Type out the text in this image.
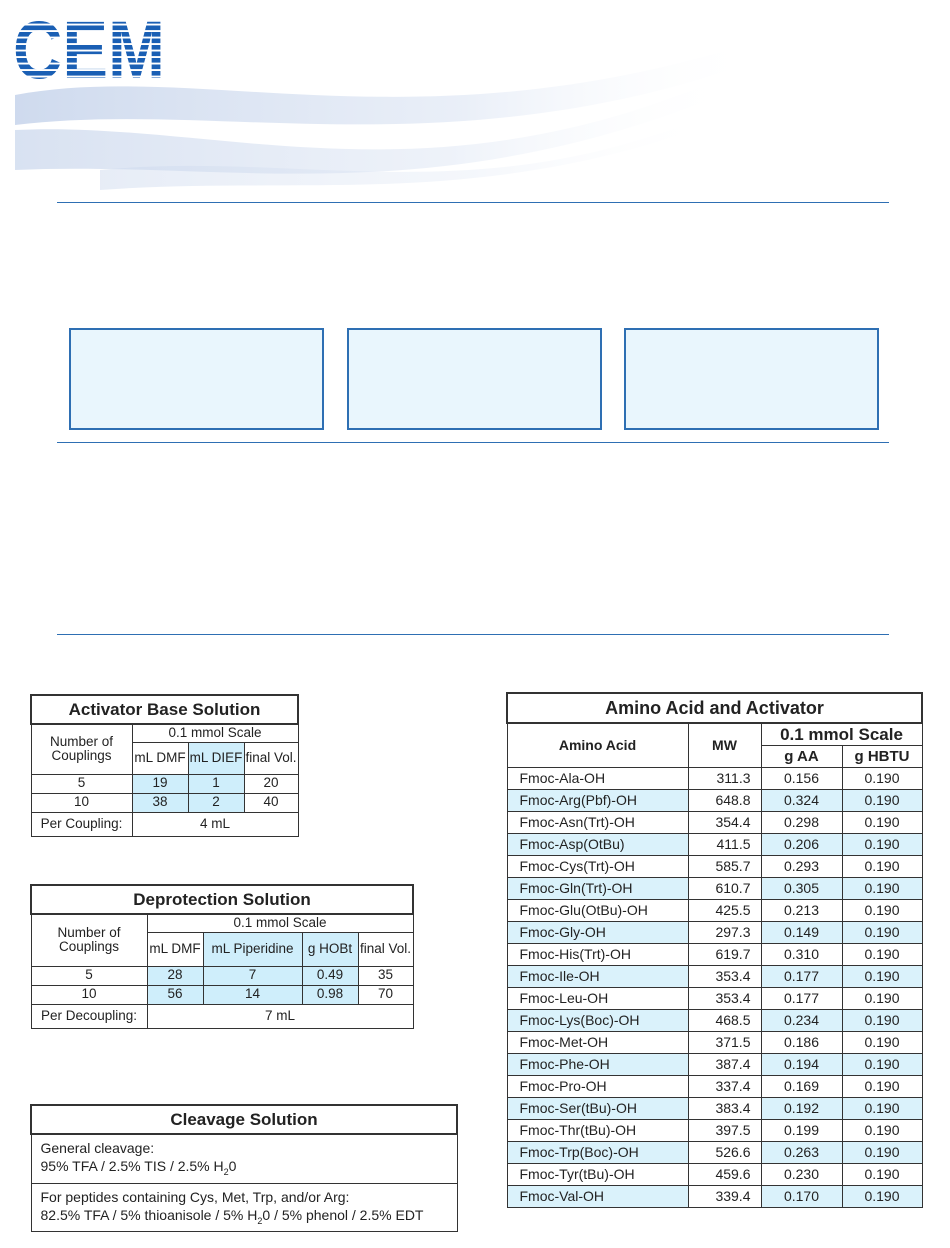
CEM
Activator Base Solution			
Number of Couplings	0.1 mmol Scale		
	mL DMF	mL DIEF	final Vol.
5	19	1	20
10	38	2	40
Per Coupling:	4 mL		
Deprotection Solution				
Number of Couplings	0.1 mmol Scale			
	mL DMF	mL Piperidine	g HOBt	final Vol.
5	28	7	0.49	35
10	56	14	0.98	70
Per Decoupling:	7 mL			
Cleavage Solution
General cleavage:
95% TFA / 2.5% TIS / 2.5% $H_20$
For peptides containing Cys, Met, Trp, and/or Arg:
82.5% TFA / 5% thioanisole / 5% $H_20 / 5\%$ phenol / 2.5% EDT
Amino Acid and Activator			
Amino Acid	MW	0.1 mmol Scale	
		g AA	g HBTU
Fmoc-Ala-OH	311.3	0.156	0.190
Fmoc-Arg(Pbf)-OH	648.8	0.324	0.190
Fmoc-Asn(Trt)-OH	354.4	0.298	0.190
Fmoc-Asp(OtBu)	411.5	0.206	0.190
Fmoc-Cys(Trt)-OH	585.7	0.293	0.190
Fmoc-Gln(Trt)-OH	610.7	0.305	0.190
Fmoc-Glu(OtBu)-OH	425.5	0.213	0.190
Fmoc-Gly-OH	297.3	0.149	0.190
Fmoc-His(Trt)-OH	619.7	0.310	0.190
Fmoc-Ile-OH	353.4	0.177	0.190
Fmoc-Leu-OH	353.4	0.177	0.190
Fmoc-Lys(Boc)-OH	468.5	0.234	0.190
Fmoc-Met-OH	371.5	0.186	0.190
Fmoc-Phe-OH	387.4	0.194	0.190
Fmoc-Pro-OH	337.4	0.169	0.190
Fmoc-Ser(tBu)-OH	383.4	0.192	0.190
Fmoc-Thr(tBu)-OH	397.5	0.199	0.190
Fmoc-Trp(Boc)-OH	526.6	0.263	0.190
Fmoc-Tyr(tBu)-OH	459.6	0.230	0.190
Fmoc-Val-OH	339.4	0.170	0.190
